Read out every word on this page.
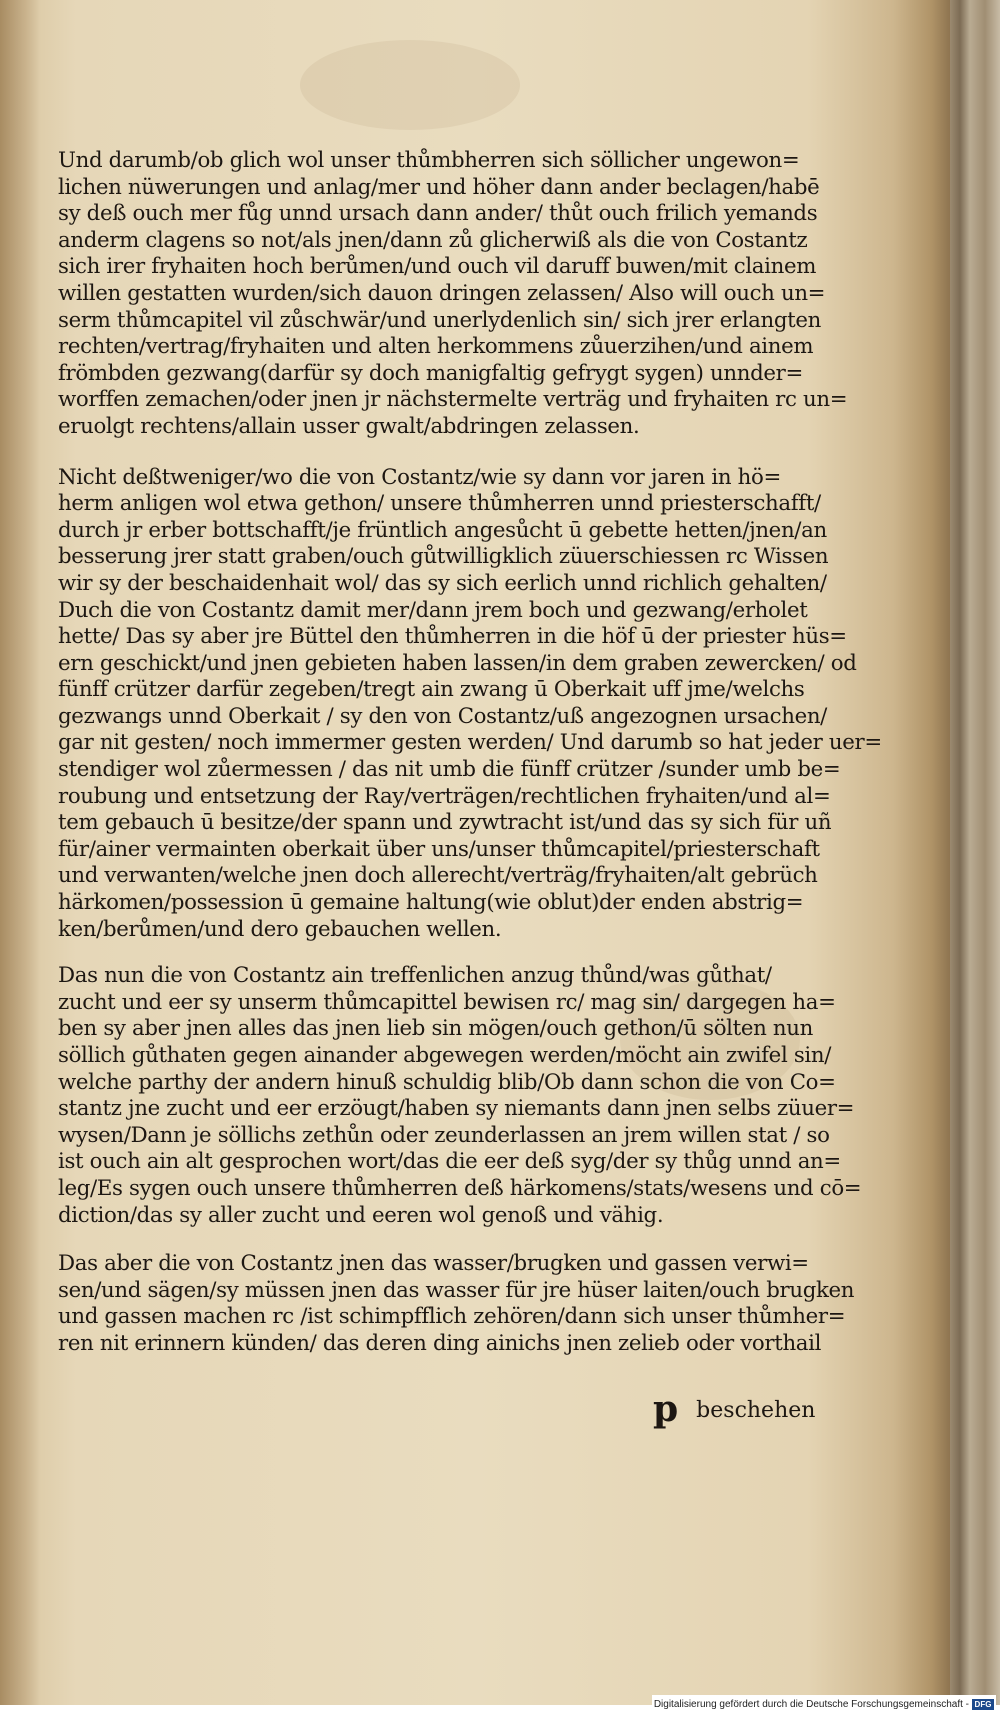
Und darumb/ob glich wol unser thůmbherren sich söllicher ungewon=
lichen nüwerungen und anlag/mer und höher dann ander beclagen/habē
sy deß ouch mer fůg unnd ursach dann ander/ thůt ouch frilich yemands
anderm clagens so not/als jnen/dann zů glicherwiß als die von Costantz
sich irer fryhaiten hoch berůmen/und ouch vil daruff buwen/mit clainem
willen gestatten wurden/sich dauon dringen zelassen/ Also will ouch un=
serm thůmcapitel vil zůschwär/und unerlydenlich sin/ sich jrer erlangten
rechten/vertrag/fryhaiten und alten herkommens zůuerzihen/und ainem
frömbden gezwang(darfür sy doch manigfaltig gefrygt sygen) unnder=
worffen zemachen/oder jnen jr nächstermelte verträg und fryhaiten rc un=
eruolgt rechtens/allain usser gwalt/abdringen zelassen.
Nicht deßtweniger/wo die von Costantz/wie sy dann vor jaren in hö=
herm anligen wol etwa gethon/ unsere thůmherren unnd priesterschafft/
durch jr erber bottschafft/je früntlich angesůcht ū gebette hetten/jnen/an
besserung jrer statt graben/ouch gůtwilligklich züuerschiessen rc Wissen
wir sy der beschaidenhait wol/ das sy sich eerlich unnd richlich gehalten/
Duch die von Costantz damit mer/dann jrem boch und gezwang/erholet
hette/ Das sy aber jre Büttel den thůmherren in die höf ū der priester hüs=
ern geschickt/und jnen gebieten haben lassen/in dem graben zewercken/ od
fünff crützer darfür zegeben/tregt ain zwang ū Oberkait uff jme/welchs
gezwangs unnd Oberkait / sy den von Costantz/uß angezognen ursachen/
gar nit gesten/ noch immermer gesten werden/ Und darumb so hat jeder uer=
stendiger wol zůermessen / das nit umb die fünff crützer /sunder umb be=
roubung und entsetzung der Ray/verträgen/rechtlichen fryhaiten/und al=
tem gebauch ū besitze/der spann und zywtracht ist/und das sy sich für uñ
für/ainer vermainten oberkait über uns/unser thůmcapitel/priesterschaft
und verwanten/welche jnen doch allerecht/verträg/fryhaiten/alt gebrüch
härkomen/possession ū gemaine haltung(wie oblut)der enden abstrig=
ken/berůmen/und dero gebauchen wellen.
Das nun die von Costantz ain treffenlichen anzug thůnd/was gůthat/
zucht und eer sy unserm thůmcapittel bewisen rc/ mag sin/ dargegen ha=
ben sy aber jnen alles das jnen lieb sin mögen/ouch gethon/ū sölten nun
söllich gůthaten gegen ainander abgewegen werden/möcht ain zwifel sin/
welche parthy der andern hinuß schuldig blib/Ob dann schon die von Co=
stantz jne zucht und eer erzöugt/haben sy niemants dann jnen selbs züuer=
wysen/Dann je söllichs zethůn oder zeunderlassen an jrem willen stat / so
ist ouch ain alt gesprochen wort/das die eer deß syg/der sy thůg unnd an=
leg/Es sygen ouch unsere thůmherren deß härkomens/stats/wesens und cō=
diction/das sy aller zucht und eeren wol genoß und vähig.
Das aber die von Costantz jnen das wasser/brugken und gassen verwi=
sen/und sägen/sy müssen jnen das wasser für jre hüser laiten/ouch brugken
und gassen machen rc /ist schimpfflich zehören/dann sich unser thůmher=
ren nit erinnern künden/ das deren ding ainichs jnen zelieb oder vorthail
pbeschehen
Digitalisierung gefördert durch die Deutsche Forschungsgemeinschaft - DFG
